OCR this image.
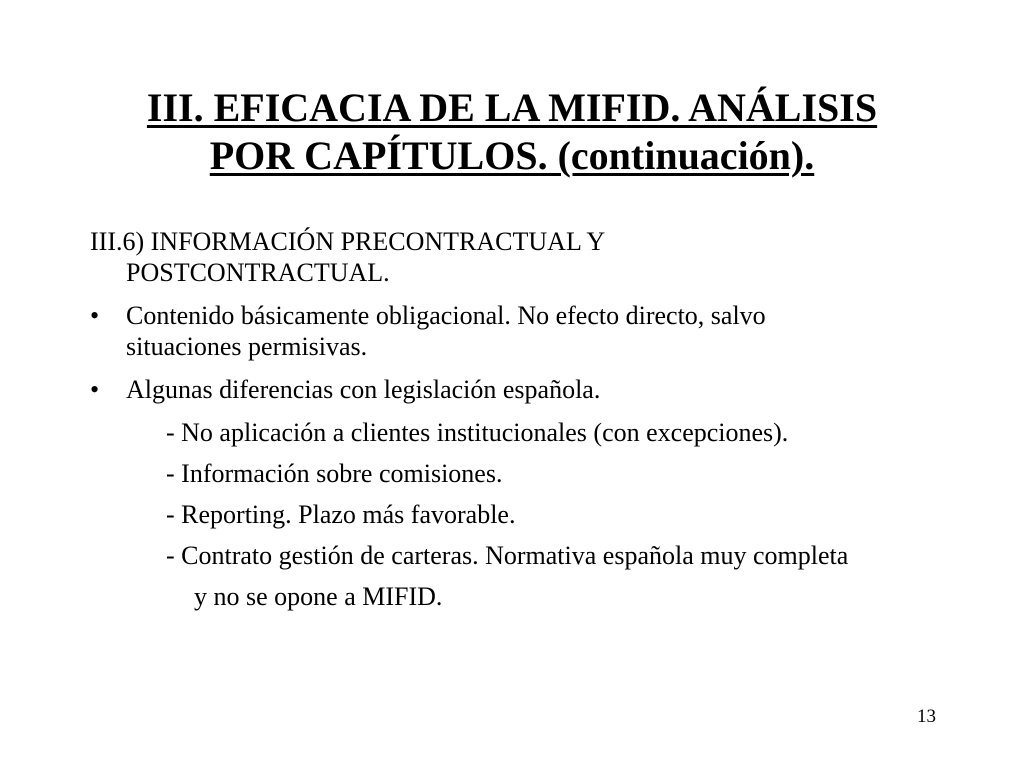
III. EFICACIA DE LA MIFID. ANÁLISIS
POR CAPÍTULOS. (continuación).
III.6) INFORMACIÓN PRECONTRACTUAL Y
POSTCONTRACTUAL.
•	Contenido básicamente obligacional. No efecto directo, salvo
situaciones permisivas.
•	Algunas diferencias con legislación española.
- No aplicación a clientes institucionales (con excepciones).
- Información sobre comisiones.
- Reporting. Plazo más favorable.
- Contrato gestión de carteras. Normativa española muy completa
y no se opone a MIFID.
13
